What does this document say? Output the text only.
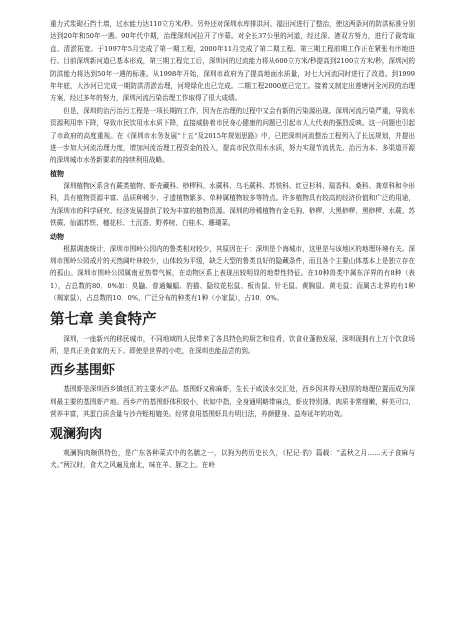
重力式浆砌石挡土墙，过水能力达110立方米/秒。另外还对深圳水库排洪河、福田河进行了整治，使这两条河的防洪标准分别达到20年和50年一遇。90年代中期，治理深圳河拉开了序幕。对全长37公里的河道，经过深、港双方努力，进行了裁弯取直、清淤拓宽。于1997年5月完成了第一期工程，2000年11月完成了第二期工程。第三期工程前期工作正在紧张有序地进行。目前深圳新河道已基本形成，第三期工程完工后，深圳河的过流能力将从600立方米/秒提高到2100立方米/秒，深圳河的防洪能力将达到50年一遇的标准。从1998年开始，深圳市政府为了提高地面水质量，对七大河流同时进行了改造。到1999年年底，大沙河已完成一期防洪清淤治理，河堤绿化也已完成。二期工程2000底已完工。接着又制定出莲塘河全河段的治理方案，经过多年的努力，深圳河流污染治理工作取得了很大成绩。

但是，深圳的治污治污工程是一项长期的工作，因为在治理的过程中又会有新的污染源出现。深圳河流污染严重，导致水资源利用率下降，导致市民饮用水水质下降，直接威胁着市民身心健康的问题已引起市人大代表的强烈反映。这一问题也引起了市政府的高度重视。在《深圳市水务发展“十五”及2015年规划思路》中，已把深圳河流整治工程列入了长远规划，并提出进一步加大河流治理力度，增加河流治理工程资金的投入，提高市民饮用水水质，努力实现节流优先、治污为本、多渠道开源的深圳城市水务新要求的持续利用战略。

植物

深圳植物区系含有蕨类植物、虾壳藏科、桫椤科、水蕨科、乌毛蕨科、苏铁科、红豆杉科、瑞香科、桑科、龚草科和伞形科，具有植物资源丰富、品质种稀少、孑遗植物繁多、单种属植物较多等特点。许多植物具有较高的经济价值和广泛的用途，为深圳市的科学研究、经济发展提供了较为丰富的植物资源。深圳的珍稀植物有金毛狗、桫椤、大黑桫椤、黑桫椤、水蕨、苏铁蕨、仙湖苏铁、穗花杉、土沉香、野荞树、白桂木、珊瑚菜。

动物

根据调查统计，深圳市围岭公园内的鲁类相对较少，其原因在于：深圳是个海城市，这里是与该地区的地理环境有关。深圳市围岭公园成片的天然阔叶林较少，山体较为平缓，缺乏大型的鲁类良好的隐藏条件，而且各个主要山体基本上是独立存在的孤山。深圳市围岭公园属南亚热带气候，在动物区系上表现出较明显的地带性特征。在10种兽类中属东洋界的有8种（表1），占总数的80．0%如：臭鼬、普通蝙蝠、豹猫、隐纹花松鼠、板齿鼠、针毛鼠、黄胸鼠、黄毛鼠；而属古北界的有1种（褐家鼠），占总数的10．0%，广泛分布的种类有1种（小家鼠），占10．0%。

第七章 美食特产

深圳，一座新兴的移民城市，不同地域的人民带来了各具特色的厨艺和佳肴，饮食业蓬勃发展，深圳现拥有上万个饮食场所，是真正美食家的天下。即使是世界的小吃，在深圳也能品尝的到。

西乡基围虾

基围虾是深圳西乡镇创汇的主要水产品。基围虾又称麻虾，生长于咸淡水交汇处，西乡因其得天独厚的地理位置而成为深圳最主要的基围虾产地。西乡产的基围虾体积较小，状如中指，全身通明略带麻点，虾皮特别薄，肉质非常细嫩，鲜美可口，营养丰富，其蛋白质含量与沙卉蛭相媲美。经常食用基围虾具有明目法，养颜健身、益寿延年的功效。

观澜狗肉

观澜狗肉颇俱特色，是广东各种菜式中的名膳之一，以狗为药历史长久，《杞记·豹》篇载：“孟秋之月……天子食麻与犬。”两汉时，食犬之风遍及南北，味在羊、豚之上。在岭
